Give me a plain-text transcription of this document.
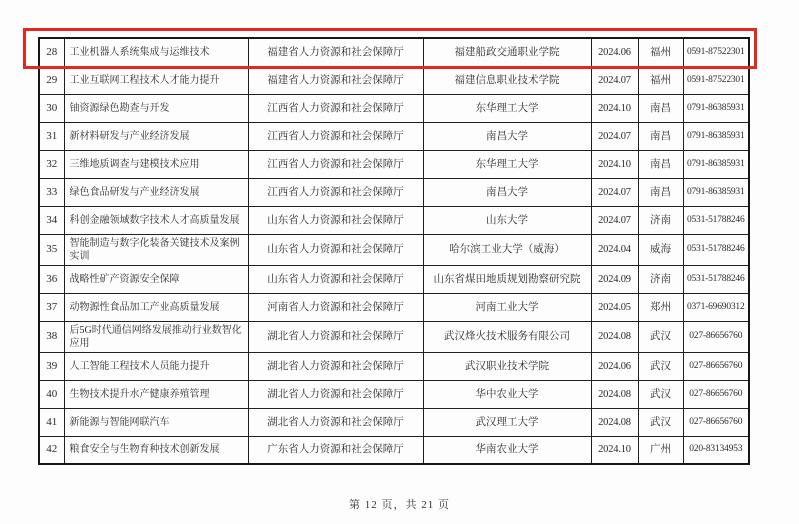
28	工业机器人系统集成与运维技术	福建省人力资源和社会保障厅	福建船政交通职业学院	2024.06	福州	0591-87522301
29	工业互联网工程技术人才能力提升	福建省人力资源和社会保障厅	福建信息职业技术学院	2024.07	福州	0591-87522301
30	铀资源绿色勘查与开发	江西省人力资源和社会保障厅	东华理工大学	2024.10	南昌	0791-86385931
31	新材料研发与产业经济发展	江西省人力资源和社会保障厅	南昌大学	2024.07	南昌	0791-86385931
32	三维地质调查与建模技术应用	江西省人力资源和社会保障厅	东华理工大学	2024.10	南昌	0791-86385931
33	绿色食品研发与产业经济发展	江西省人力资源和社会保障厅	南昌大学	2024.07	南昌	0791-86385931
34	科创金融领域数字技术人才高质量发展	山东省人力资源和社会保障厅	山东大学	2024.07	济南	0531-51788246
35	智能制造与数字化装备关键技术及案例实训	山东省人力资源和社会保障厅	哈尔滨工业大学（威海）	2024.04	威海	0531-51788246
36	战略性矿产资源安全保障	山东省人力资源和社会保障厅	山东省煤田地质规划勘察研究院	2024.09	济南	0531-51788246
37	动物源性食品加工产业高质量发展	河南省人力资源和社会保障厅	河南工业大学	2024.05	郑州	0371-69690312
38	后5G时代通信网络发展推动行业数智化应用	湖北省人力资源和社会保障厅	武汉烽火技术服务有限公司	2024.08	武汉	027-86656760
39	人工智能工程技术人员能力提升	湖北省人力资源和社会保障厅	武汉职业技术学院	2024.06	武汉	027-86656760
40	生物技术提升水产健康养殖管理	湖北省人力资源和社会保障厅	华中农业大学	2024.08	武汉	027-86656760
41	新能源与智能网联汽车	湖北省人力资源和社会保障厅	武汉理工大学	2024.08	武汉	027-86656760
42	粮食安全与生物育种技术创新发展	广东省人力资源和社会保障厅	华南农业大学	2024.10	广州	020-83134953
第 12 页，共 21 页
